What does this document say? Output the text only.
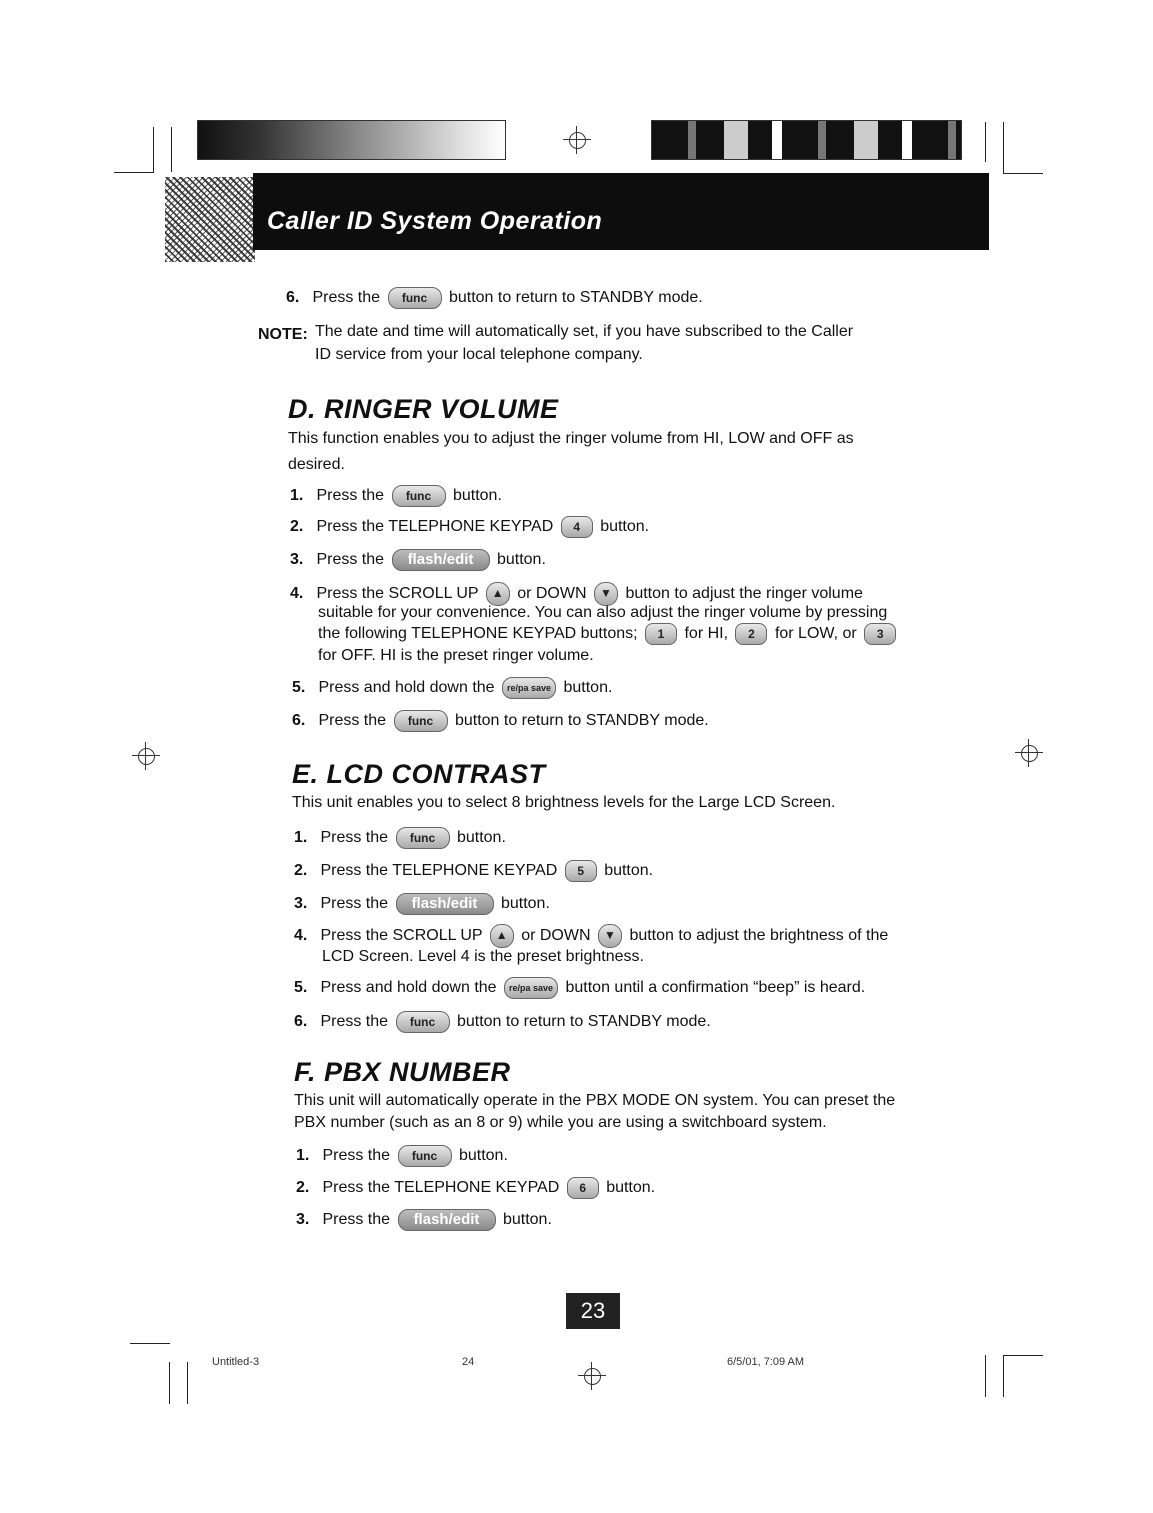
Caller ID System Operation
6. Press the func button to return to STANDBY mode.
NOTE: The date and time will automatically set, if you have subscribed to the Caller
ID service from your local telephone company.
D. RINGER VOLUME
This function enables you to adjust the ringer volume from HI, LOW and OFF as
desired.
1. Press the func button.
2. Press the TELEPHONE KEYPAD 4 button.
3. Press the flash/edit button.
4. Press the SCROLL UP ▲ or DOWN ▼ button to adjust the ringer volume
suitable for your convenience. You can also adjust the ringer volume by pressing
the following TELEPHONE KEYPAD buttons; 1 for HI, 2 for LOW, or 3
for OFF. HI is the preset ringer volume.
5. Press and hold down the re/pa save button.
6. Press the func button to return to STANDBY mode.
E. LCD CONTRAST
This unit enables you to select 8 brightness levels for the Large LCD Screen.
1. Press the func button.
2. Press the TELEPHONE KEYPAD 5 button.
3. Press the flash/edit button.
4. Press the SCROLL UP ▲ or DOWN ▼ button to adjust the brightness of the
LCD Screen. Level 4 is the preset brightness.
5. Press and hold down the re/pa save button until a confirmation “beep” is heard.
6. Press the func button to return to STANDBY mode.
F. PBX NUMBER
This unit will automatically operate in the PBX MODE ON system. You can preset the
PBX number (such as an 8 or 9) while you are using a switchboard system.
1. Press the func button.
2. Press the TELEPHONE KEYPAD 6 button.
3. Press the flash/edit button.
23
Untitled-3	24	6/5/01, 7:09 AM
